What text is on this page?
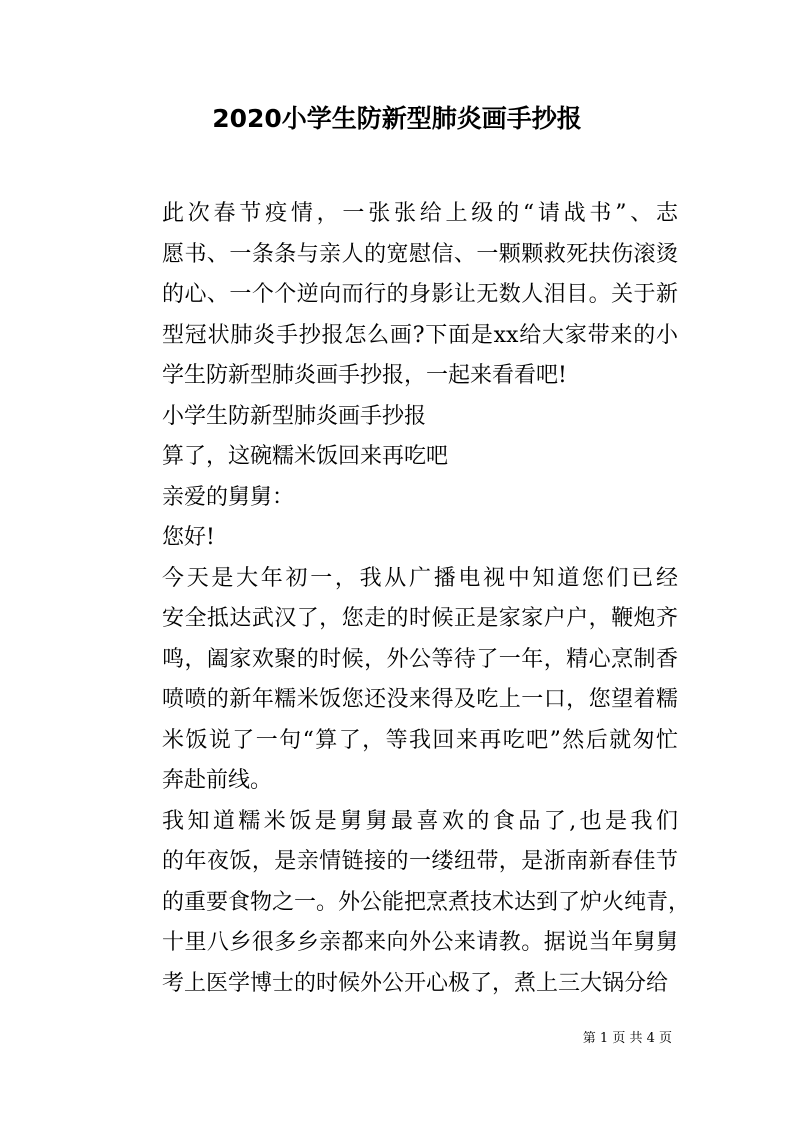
2020小学生防新型肺炎画手抄报

此次春节疫情，一张张给上级的“请战书”、志
愿书、一条条与亲人的宽慰信、一颗颗救死扶伤滚烫
的心、一个个逆向而行的身影让无数人泪目。关于新
型冠状肺炎手抄报怎么画?下面是xx给大家带来的小
学生防新型肺炎画手抄报，一起来看看吧!

小学生防新型肺炎画手抄报

算了，这碗糯米饭回来再吃吧

亲爱的舅舅：

您好!

今天是大年初一，我从广播电视中知道您们已经
安全抵达武汉了，您走的时候正是家家户户，鞭炮齐
鸣，阖家欢聚的时候，外公等待了一年，精心烹制香
喷喷的新年糯米饭您还没来得及吃上一口，您望着糯
米饭说了一句“算了，等我回来再吃吧”然后就匆忙
奔赴前线。

我知道糯米饭是舅舅最喜欢的食品了,也是我们
的年夜饭，是亲情链接的一缕纽带，是浙南新春佳节
的重要食物之一。外公能把烹煮技术达到了炉火纯青，
十里八乡很多乡亲都来向外公来请教。据说当年舅舅
考上医学博士的时候外公开心极了，煮上三大锅分给

第 1 页 共 4 页
